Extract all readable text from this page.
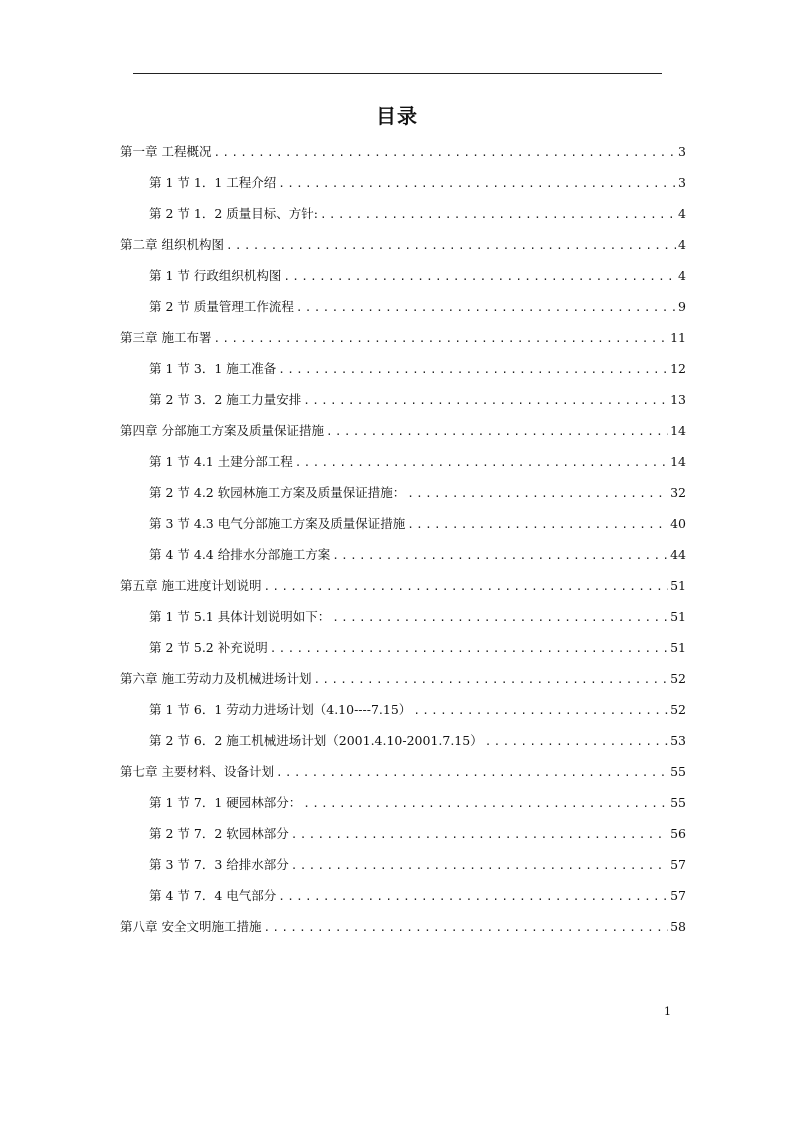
目录
第一章 工程概况 .....	3
第 1 节 1．1 工程介绍 .....	3
第 2 节 1．2 质量目标、方针: .....	4
第二章 组织机构图 .....	4
第 1 节 行政组织机构图 .....	4
第 2 节 质量管理工作流程 .....	9
第三章 施工布署 .....	11
第 1 节 3．1 施工准备 .....	12
第 2 节 3．2 施工力量安排 .....	13
第四章 分部施工方案及质量保证措施 .....	14
第 1 节 4.1 土建分部工程 .....	14
第 2 节 4.2 软园林施工方案及质量保证措施： .....	32
第 3 节 4.3 电气分部施工方案及质量保证措施 .....	40
第 4 节 4.4 给排水分部施工方案 .....	44
第五章 施工进度计划说明 .....	51
第 1 节 5.1 具体计划说明如下： .....	51
第 2 节 5.2 补充说明 .....	51
第六章 施工劳动力及机械进场计划 .....	52
第 1 节 6．1 劳动力进场计划（4.10----7.15） .....	52
第 2 节 6．2 施工机械进场计划（2001.4.10-2001.7.15） .....	53
第七章 主要材料、设备计划 .....	55
第 1 节 7．1 硬园林部分： .....	55
第 2 节 7．2 软园林部分 .....	56
第 3 节 7．3 给排水部分 .....	57
第 4 节 7．4 电气部分 .....	57
第八章 安全文明施工措施 .....	58
1
